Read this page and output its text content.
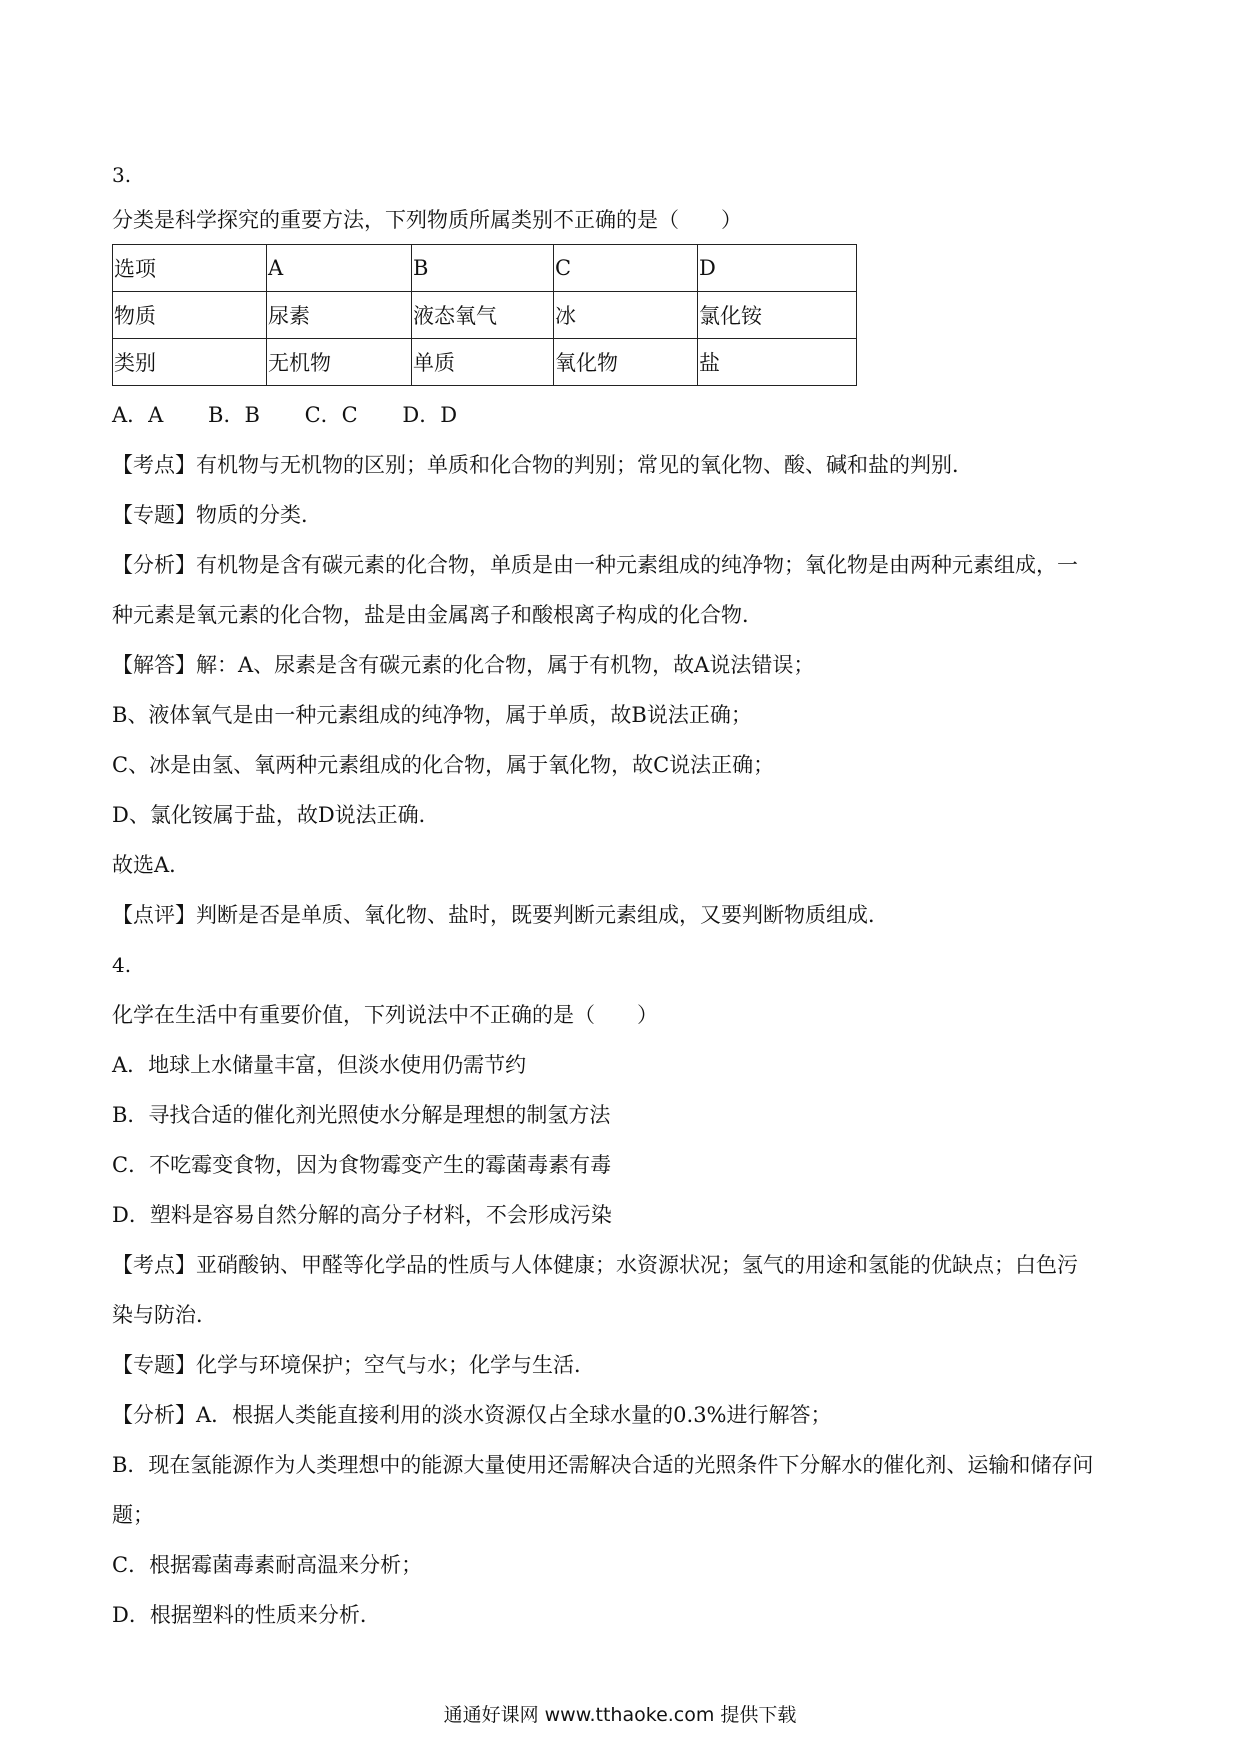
3.
分类是科学探究的重要方法，下列物质所属类别不正确的是（　　）
选项	A	B	C	D
物质	尿素	液态氧气	冰	氯化铵
类别	无机物	单质	氧化物	盐
A．A B．B C．C D．D
【考点】有机物与无机物的区别；单质和化合物的判别；常见的氧化物、酸、碱和盐的判别．
【专题】物质的分类．
【分析】有机物是含有碳元素的化合物，单质是由一种元素组成的纯净物；氧化物是由两种元素组成，一
种元素是氧元素的化合物，盐是由金属离子和酸根离子构成的化合物．
【解答】解：A、尿素是含有碳元素的化合物，属于有机物，故A说法错误；
B、液体氧气是由一种元素组成的纯净物，属于单质，故B说法正确；
C、冰是由氢、氧两种元素组成的化合物，属于氧化物，故C说法正确；
D、氯化铵属于盐，故D说法正确．
故选A．
【点评】判断是否是单质、氧化物、盐时，既要判断元素组成，又要判断物质组成．
4.
化学在生活中有重要价值，下列说法中不正确的是（　　）
A．地球上水储量丰富，但淡水使用仍需节约
B．寻找合适的催化剂光照使水分解是理想的制氢方法
C．不吃霉变食物，因为食物霉变产生的霉菌毒素有毒
D．塑料是容易自然分解的高分子材料，不会形成污染
【考点】亚硝酸钠、甲醛等化学品的性质与人体健康；水资源状况；氢气的用途和氢能的优缺点；白色污
染与防治．
【专题】化学与环境保护；空气与水；化学与生活．
【分析】A．根据人类能直接利用的淡水资源仅占全球水量的0.3%进行解答；
B．现在氢能源作为人类理想中的能源大量使用还需解决合适的光照条件下分解水的催化剂、运输和储存问
题；
C．根据霉菌毒素耐高温来分析；
D．根据塑料的性质来分析．
通通好课网 www.tthaoke.com 提供下载
